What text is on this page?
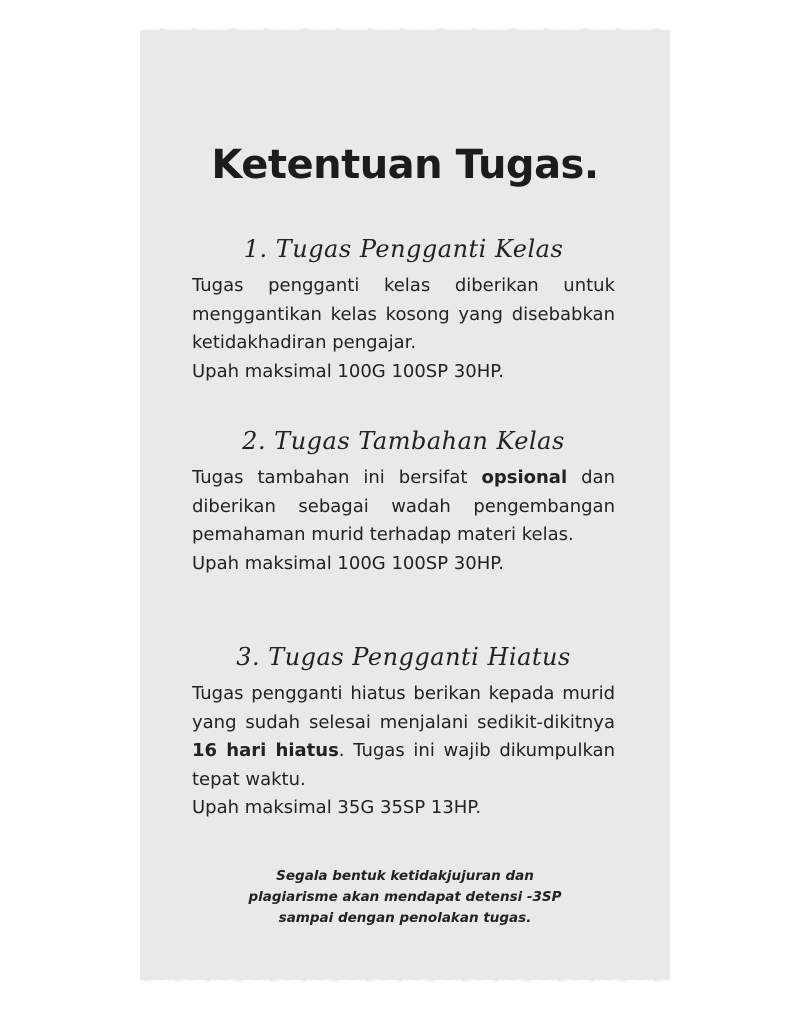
Ketentuan Tugas.
1. Tugas Pengganti Kelas

Tugas pengganti kelas diberikan untuk menggantikan kelas kosong yang disebabkan ketidakhadiran pengajar.

Upah maksimal 100G 100SP 30HP.

2. Tugas Tambahan Kelas

Tugas tambahan ini bersifat opsional dan diberikan sebagai wadah pengembangan pemahaman murid terhadap materi kelas.

Upah maksimal 100G 100SP 30HP.

3. Tugas Pengganti Hiatus

Tugas pengganti hiatus berikan kepada murid yang sudah selesai menjalani sedikit-dikitnya 16 hari hiatus. Tugas ini wajib dikumpulkan tepat waktu.

Upah maksimal 35G 35SP 13HP.

Segala bentuk ketidakjujuran dan
plagiarisme akan mendapat detensi -3SP
sampai dengan penolakan tugas.
